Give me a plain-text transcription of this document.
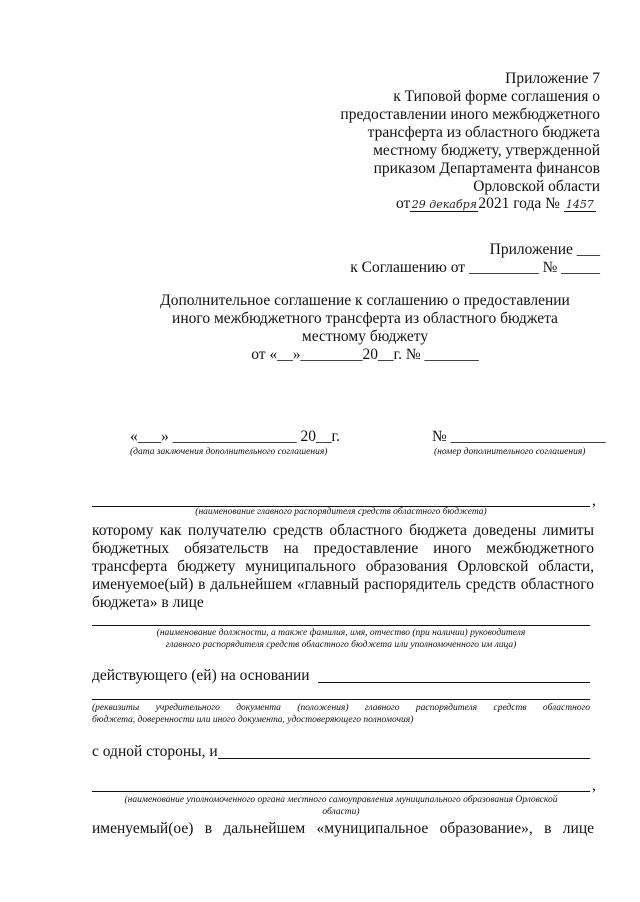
Приложение 7
к Типовой форме соглашения о
предоставлении иного межбюджетного
трансферта из областного бюджета
местному бюджету, утвержденной
приказом Департамента финансов
Орловской области
от29 декабря2021 года № 1457
Приложение ___
к Соглашению от _________ № _____
Дополнительное соглашение к соглашению о предоставлении
иного межбюджетного трансферта из областного бюджета
местному бюджету
от «__»________20__г. № _______
«___» ________________ 20__г.
(дата заключения дополнительного соглашения)
№ ____________________
(номер дополнительного соглашения)
,
(наименование главного распорядителя средств областного бюджета)
которому как получателю средств областного бюджета доведены лимиты
бюджетных обязательств на предоставление иного межбюджетного
трансферта бюджету муниципального образования Орловской области,
именуемое(ый) в дальнейшем «главный распорядитель средств областного
бюджета» в лице
(наименование должности, а также фамилия, имя, отчество (при наличии) руководителя
главного распорядителя средств областного бюджета или уполномоченного им лица)
действующего (ей) на основании
(реквизиты учредительного документа (положения) главного распорядителя средств областного
бюджета, доверенности или иного документа, удостоверяющего полномочия)
с одной стороны, и
,
(наименование уполномоченного органа местного самоуправления муниципального образования Орловской
области)
именуемый(ое) в дальнейшем «муниципальное образование», в лице
